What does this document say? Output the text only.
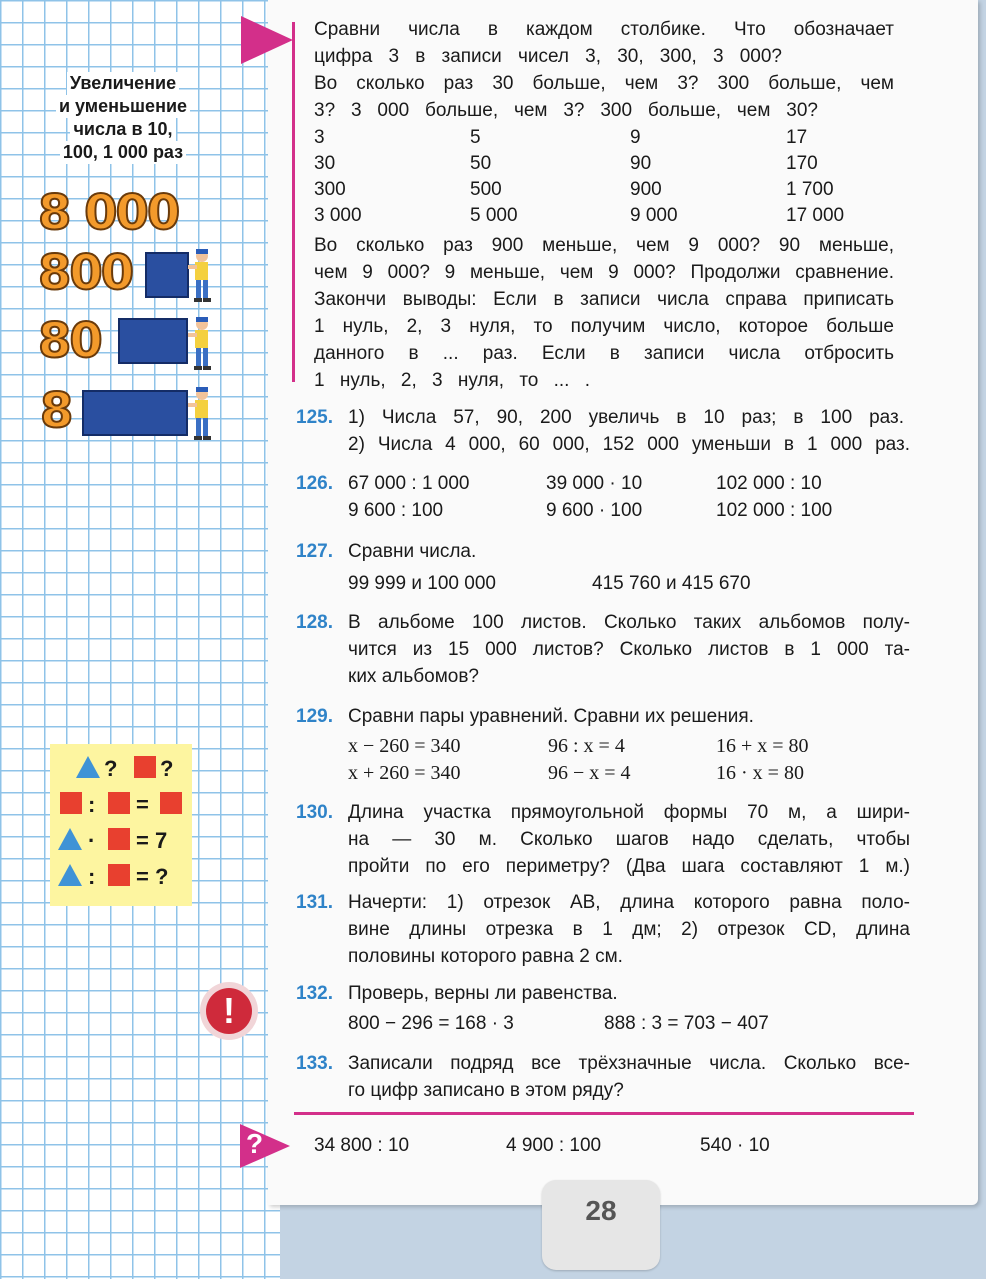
Увеличение
и уменьшение
числа в 10,
100, 1 000 раз
8 000
800
80
8
? ?
: =
· = 7
: = ?
!
Сравни числа в каждом столбике. Что обозначает
цифра 3 в записи чисел 3, 30, 300, 3 000?
Во сколько раз 30 больше, чем 3? 300 больше, чем
3? 3 000 больше, чем 3? 300 больше, чем 30?
3	5	9	17
30	50	90	170
300	500	900	1 700
3 000	5 000	9 000	17 000
Во сколько раз 900 меньше, чем 9 000? 90 меньше,
чем 9 000? 9 меньше, чем 9 000? Продолжи сравнение.
Закончи выводы: Если в записи числа справа приписать
1 нуль, 2, 3 нуля, то получим число, которое больше
данного в ... раз. Если в записи числа отбросить
1 нуль, 2, 3 нуля, то ... .
125. 1) Числа 57, 90, 200 увеличь в 10 раз; в 100 раз.
2) Числа 4 000, 60 000, 152 000 уменьши в 1 000 раз.
126. 67 000 : 1 000	39 000 · 10	102 000 : 10
9 600 : 100	9 600 · 100	102 000 : 100
127. Сравни числа.
99 999 и 100 000	415 760 и 415 670
128. В альбоме 100 листов. Сколько таких альбомов полу-
чится из 15 000 листов? Сколько листов в 1 000 та-
ких альбомов?
129. Сравни пары уравнений. Сравни их решения.
x − 260 = 340	96 : x = 4	16 + x = 80
x + 260 = 340	96 − x = 4	16 · x = 80
130. Длина участка прямоугольной формы 70 м, а шири-
на — 30 м. Сколько шагов надо сделать, чтобы
пройти по его периметру? (Два шага составляют 1 м.)
131. Начерти: 1) отрезок AB, длина которого равна поло-
вине длины отрезка в 1 дм; 2) отрезок CD, длина
половины которого равна 2 см.
132. Проверь, верны ли равенства.
800 − 296 = 168 · 3	888 : 3 = 703 − 407
133. Записали подряд все трёхзначные числа. Сколько все-
го цифр записано в этом ряду?
?	34 800 : 10	4 900 : 100	540 · 10
28
